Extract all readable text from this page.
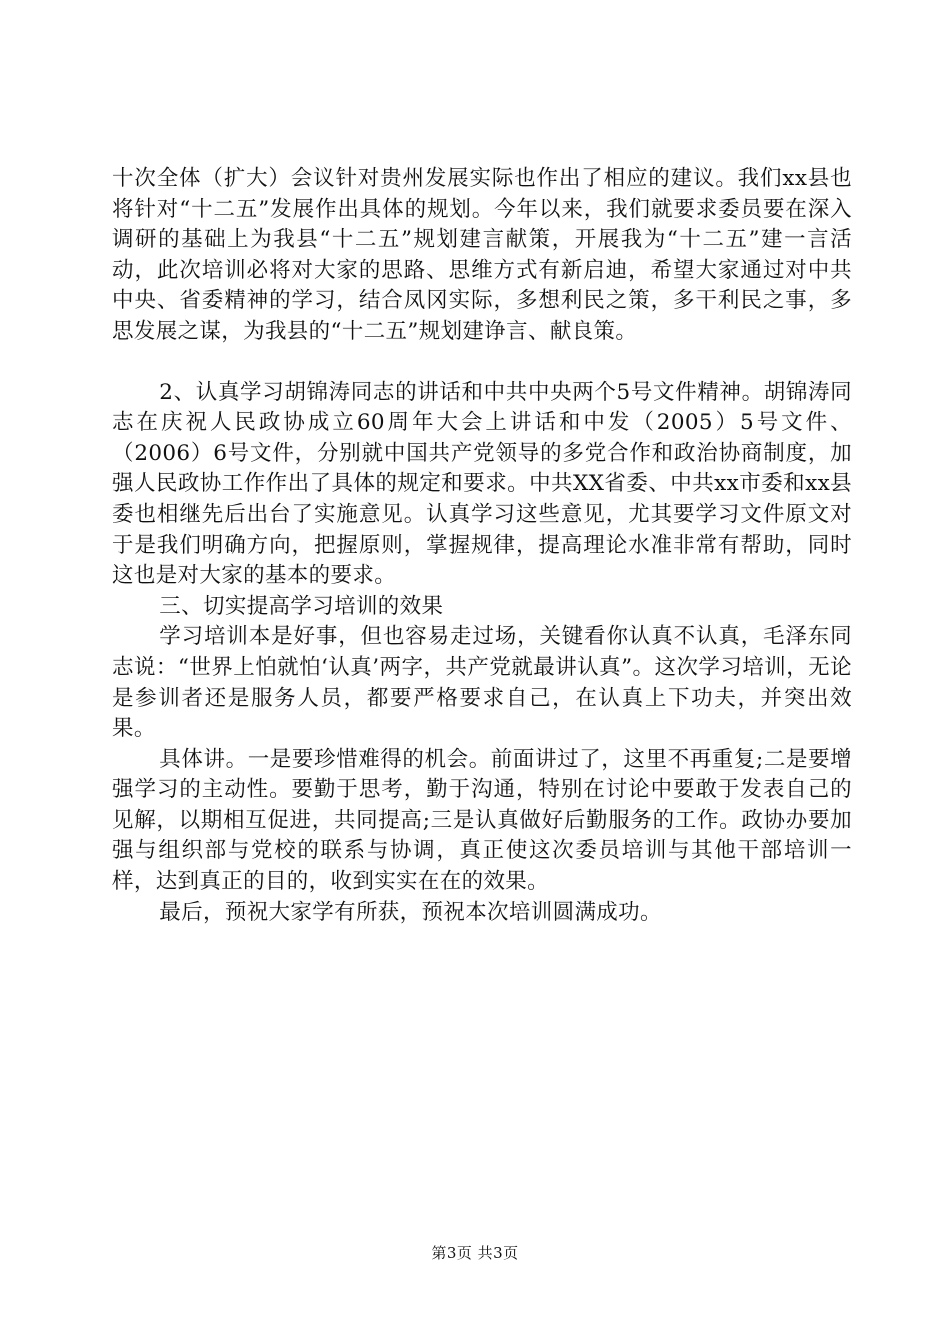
十次全体（扩大）会议针对贵州发展实际也作出了相应的建议。我们xx县也将针对“十二五”发展作出具体的规划。今年以来，我们就要求委员要在深入调研的基础上为我县“十二五”规划建言献策，开展我为“十二五”建一言活动，此次培训必将对大家的思路、思维方式有新启迪，希望大家通过对中共中央、省委精神的学习，结合凤冈实际，多想利民之策，多干利民之事，多思发展之谋，为我县的“十二五”规划建诤言、献良策。

2、认真学习胡锦涛同志的讲话和中共中央两个5号文件精神。胡锦涛同志在庆祝人民政协成立60周年大会上讲话和中发（2005）5号文件、（2006）6号文件，分别就中国共产党领导的多党合作和政治协商制度，加强人民政协工作作出了具体的规定和要求。中共XX省委、中共xx市委和xx县委也相继先后出台了实施意见。认真学习这些意见，尤其要学习文件原文对于是我们明确方向，把握原则，掌握规律，提高理论水准非常有帮助，同时这也是对大家的基本的要求。

三、切实提高学习培训的效果

学习培训本是好事，但也容易走过场，关键看你认真不认真，毛泽东同志说：“世界上怕就怕‘认真’两字，共产党就最讲认真”。这次学习培训，无论是参训者还是服务人员，都要严格要求自己，在认真上下功夫，并突出效果。

具体讲。一是要珍惜难得的机会。前面讲过了，这里不再重复;二是要增强学习的主动性。要勤于思考，勤于沟通，特别在讨论中要敢于发表自己的见解，以期相互促进，共同提高;三是认真做好后勤服务的工作。政协办要加强与组织部与党校的联系与协调，真正使这次委员培训与其他干部培训一样，达到真正的目的，收到实实在在的效果。

最后，预祝大家学有所获，预祝本次培训圆满成功。

第3页 共3页
